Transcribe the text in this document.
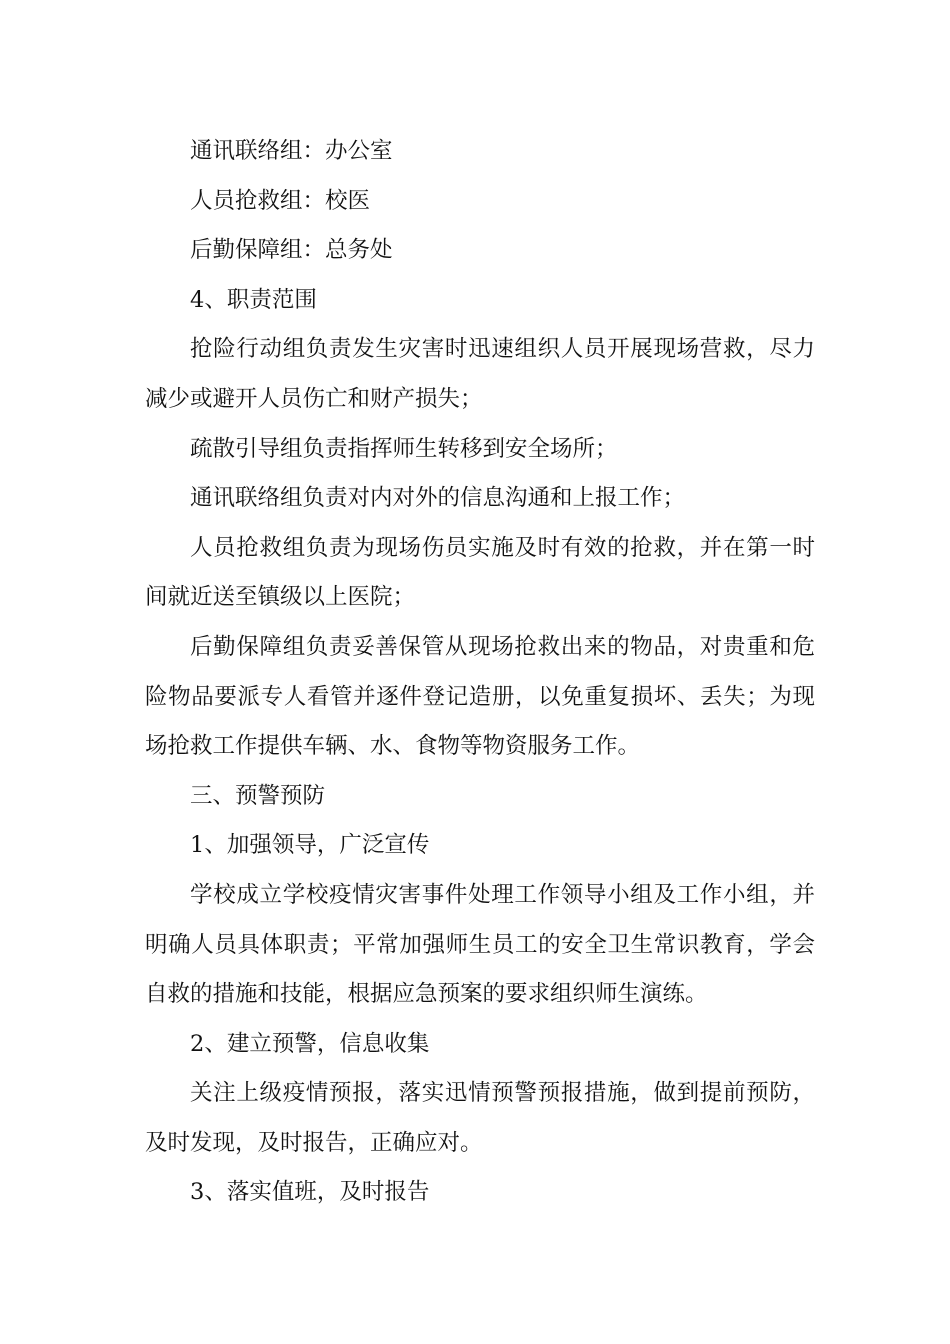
通讯联络组：办公室

人员抢救组：校医

后勤保障组：总务处

4、职责范围

抢险行动组负责发生灾害时迅速组织人员开展现场营救，尽力减少或避开人员伤亡和财产损失；

疏散引导组负责指挥师生转移到安全场所；

通讯联络组负责对内对外的信息沟通和上报工作；

人员抢救组负责为现场伤员实施及时有效的抢救，并在第一时间就近送至镇级以上医院；

后勤保障组负责妥善保管从现场抢救出来的物品，对贵重和危险物品要派专人看管并逐件登记造册，以免重复损坏、丢失；为现场抢救工作提供车辆、水、食物等物资服务工作。

三、预警预防

1、加强领导，广泛宣传

学校成立学校疫情灾害事件处理工作领导小组及工作小组，并明确人员具体职责；平常加强师生员工的安全卫生常识教育，学会自救的措施和技能，根据应急预案的要求组织师生演练。

2、建立预警，信息收集

关注上级疫情预报，落实迅情预警预报措施，做到提前预防，及时发现，及时报告，正确应对。

3、落实值班，及时报告
